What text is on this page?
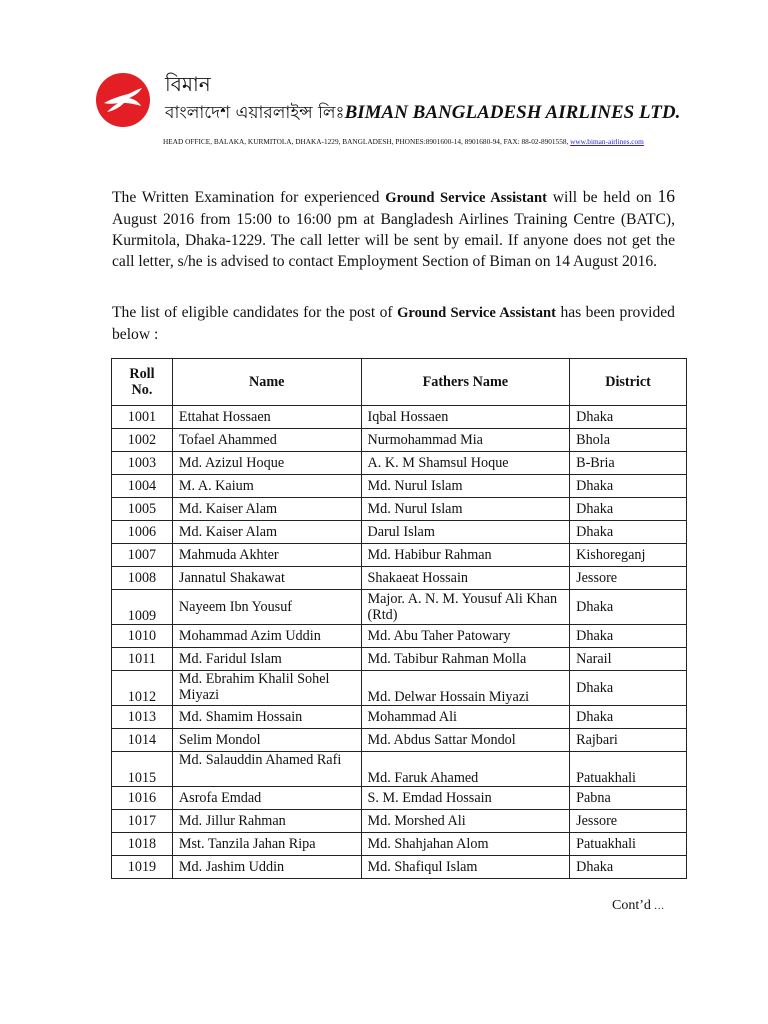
বিমান
বাংলাদেশ এয়ারলাইন্স লিঃBIMAN BANGLADESH AIRLINES LTD.
HEAD OFFICE, BALAKA, KURMITOLA, DHAKA-1229, BANGLADESH, PHONES:8901600-14, 8901680-94, FAX: 88-02-8901558, www.biman-airlines.com
The Written Examination for experienced Ground Service Assistant will be held on 16 August 2016 from 15:00 to 16:00 pm at Bangladesh Airlines Training Centre (BATC), Kurmitola, Dhaka-1229. The call letter will be sent by email. If anyone does not get the call letter, s/he is advised to contact Employment Section of Biman on 14 August 2016.
The list of eligible candidates for the post of Ground Service Assistant has been provided below :
Roll No.	Name	Fathers Name	District
1001	Ettahat Hossaen	Iqbal Hossaen	Dhaka
1002	Tofael Ahammed	Nurmohammad Mia	Bhola
1003	Md. Azizul Hoque	A. K. M Shamsul Hoque	B-Bria
1004	M. A. Kaium	Md. Nurul Islam	Dhaka
1005	Md. Kaiser Alam	Md. Nurul Islam	Dhaka
1006	Md. Kaiser Alam	Darul Islam	Dhaka
1007	Mahmuda Akhter	Md. Habibur Rahman	Kishoreganj
1008	Jannatul Shakawat	Shakaeat Hossain	Jessore
1009	Nayeem Ibn Yousuf	Major. A. N. M. Yousuf Ali Khan (Rtd)	Dhaka
1010	Mohammad Azim Uddin	Md. Abu Taher Patowary	Dhaka
1011	Md. Faridul Islam	Md. Tabibur Rahman Molla	Narail
1012	Md. Ebrahim Khalil Sohel Miyazi	Md. Delwar Hossain Miyazi	Dhaka
1013	Md. Shamim Hossain	Mohammad Ali	Dhaka
1014	Selim Mondol	Md. Abdus Sattar Mondol	Rajbari
1015	Md. Salauddin Ahamed Rafi	Md. Faruk Ahamed	Patuakhali
1016	Asrofa Emdad	S. M. Emdad Hossain	Pabna
1017	Md. Jillur Rahman	Md. Morshed Ali	Jessore
1018	Mst. Tanzila Jahan Ripa	Md. Shahjahan Alom	Patuakhali
1019	Md. Jashim Uddin	Md. Shafiqul Islam	Dhaka
Cont’d ...
